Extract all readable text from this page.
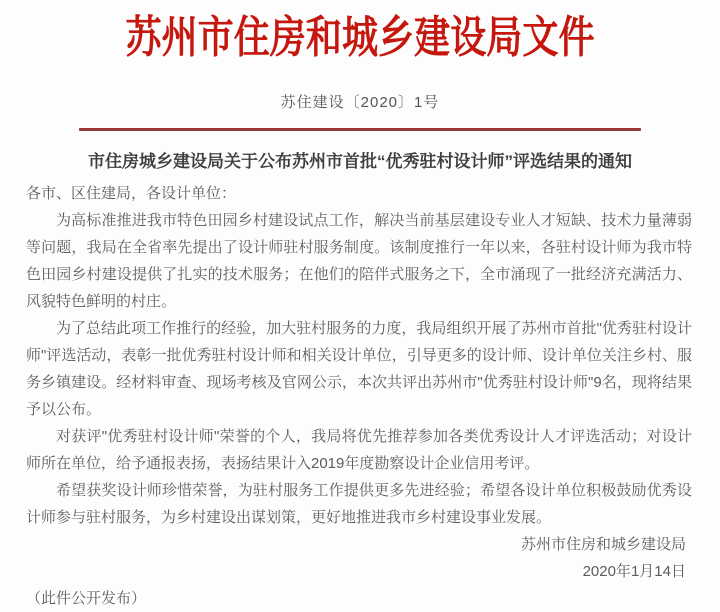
苏州市住房和城乡建设局文件
苏住建设〔2020〕1号
市住房城乡建设局关于公布苏州市首批“优秀驻村设计师”评选结果的通知
各市、区住建局，各设计单位：

为高标准推进我市特色田园乡村建设试点工作，解决当前基层建设专业人才短缺、技术力量薄弱等问题，我局在全省率先提出了设计师驻村服务制度。该制度推行一年以来，各驻村设计师为我市特色田园乡村建设提供了扎实的技术服务；在他们的陪伴式服务之下，全市涌现了一批经济充满活力、风貌特色鲜明的村庄。

为了总结此项工作推行的经验，加大驻村服务的力度，我局组织开展了苏州市首批"优秀驻村设计师"评选活动，表彰一批优秀驻村设计师和相关设计单位，引导更多的设计师、设计单位关注乡村、服务乡镇建设。经材料审查、现场考核及官网公示，本次共评出苏州市"优秀驻村设计师"9名，现将结果予以公布。

对获评"优秀驻村设计师"荣誉的个人，我局将优先推荐参加各类优秀设计人才评选活动；对设计师所在单位，给予通报表扬，表扬结果计入2019年度勘察设计企业信用考评。

希望获奖设计师珍惜荣誉，为驻村服务工作提供更多先进经验；希望各设计单位积极鼓励优秀设计师参与驻村服务，为乡村建设出谋划策，更好地推进我市乡村建设事业发展。

苏州市住房和城乡建设局
2020年1月14日
（此件公开发布）
